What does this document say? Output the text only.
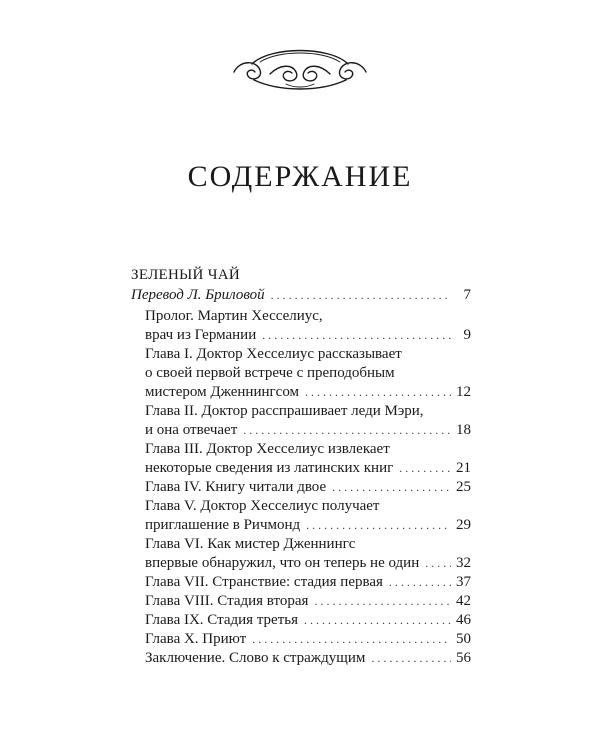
СОДЕРЖАНИЕ
ЗЕЛЕНЫЙ ЧАЙ
Перевод Л. Бриловой . . .	7
Пролог. Мартин Хесселиус,
врач из Германии . . .	9
Глава I. Доктор Хесселиус рассказывает
о своей первой встрече с преподобным
мистером Дженнингсом . . .	12
Глава II. Доктор расспрашивает леди Мэри,
и она отвечает . . .	18
Глава III. Доктор Хесселиус извлекает
некоторые сведения из латинских книг . . .	21
Глава IV. Книгу читали двое . . .	25
Глава V. Доктор Хесселиус получает
приглашение в Ричмонд . . .	29
Глава VI. Как мистер Дженнингс
впервые обнаружил, что он теперь не один . . . 32
Глава VII. Странствие: стадия первая . . .	37
Глава VIII. Стадия вторая . . .	42
Глава IX. Стадия третья . . .	46
Глава X. Приют . . .	50
Заключение. Слово к страждущим . . .	56
